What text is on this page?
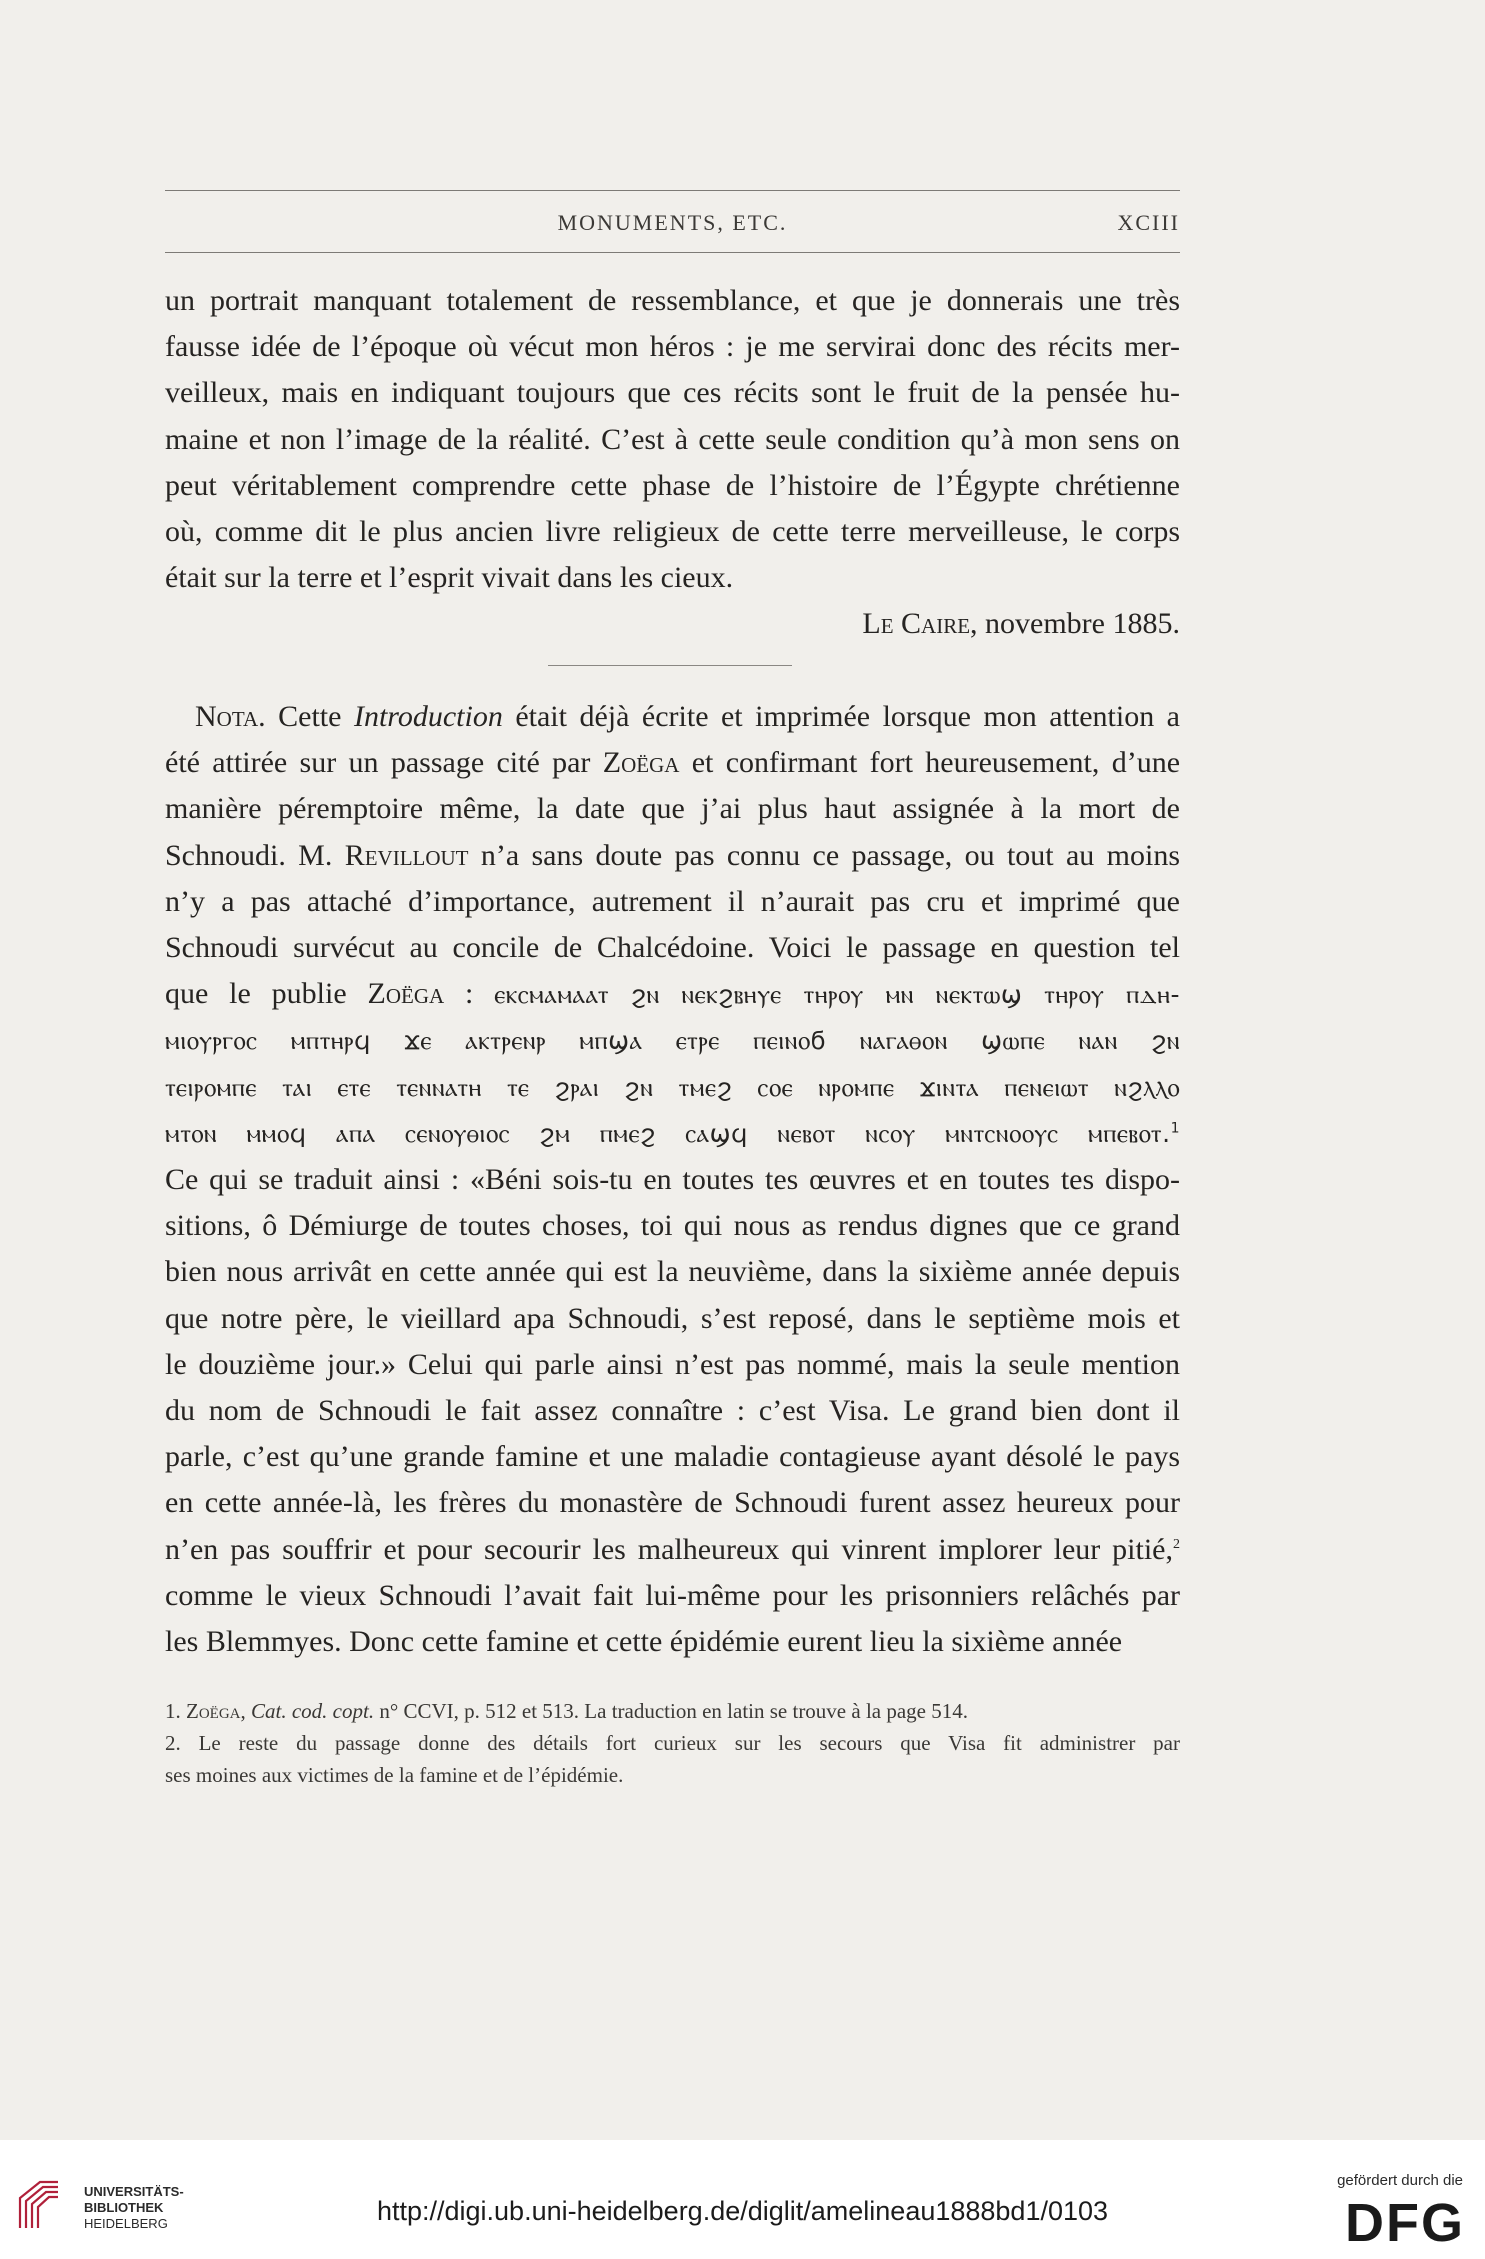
MONUMENTS, ETC.	XCIII
un portrait manquant totalement de ressemblance, et que je donnerais une très
fausse idée de l’époque où vécut mon héros : je me servirai donc des récits mer-
veilleux, mais en indiquant toujours que ces récits sont le fruit de la pensée hu-
maine et non l’image de la réalité. C’est à cette seule condition qu’à mon sens on
peut véritablement comprendre cette phase de l’histoire de l’Égypte chrétienne
où, comme dit le plus ancien livre religieux de cette terre merveilleuse, le corps
était sur la terre et l’esprit vivait dans les cieux.
Le Caire, novembre 1885.
Nota. Cette Introduction était déjà écrite et imprimée lorsque mon attention a
été attirée sur un passage cité par Zoëga et confirmant fort heureusement, d’une
manière péremptoire même, la date que j’ai plus haut assignée à la mort de
Schnoudi. M. Revillout n’a sans doute pas connu ce passage, ou tout au moins
n’y a pas attaché d’importance, autrement il n’aurait pas cru et imprimé que
Schnoudi survécut au concile de Chalcédoine. Voici le passage en question tel
que le publie Zoëga : ⲉⲕⲥⲙⲁⲙⲁⲁⲧ ϩⲛ ⲛⲉⲕϩⲃⲏⲩⲉ ⲧⲏⲣⲟⲩ ⲙⲛ ⲛⲉⲕⲧⲱϣ ⲧⲏⲣⲟⲩ ⲡⲇⲏ-
ⲙⲓⲟⲩⲣⲅⲟⲥ ⲙⲡⲧⲏⲣϥ ϫⲉ ⲁⲕⲧⲣⲉⲛⲣ ⲙⲡϣⲁ ⲉⲧⲣⲉ ⲡⲉⲓⲛⲟϭ ⲛⲁⲅⲁⲑⲟⲛ ϣⲱⲡⲉ ⲛⲁⲛ ϩⲛ
ⲧⲉⲓⲣⲟⲙⲡⲉ ⲧⲁⲓ ⲉⲧⲉ ⲧⲉⲛⲛⲁⲧⲏ ⲧⲉ ϩⲣⲁⲓ ϩⲛ ⲧⲙⲉϩ ⲥⲟⲉ ⲛⲣⲟⲙⲡⲉ ϫⲓⲛⲧⲁ ⲡⲉⲛⲉⲓⲱⲧ ⲛϩⲗⲗⲟ
ⲙⲧⲟⲛ ⲙⲙⲟϥ ⲁⲡⲁ ⲥⲉⲛⲟⲩⲑⲓⲟⲥ ϩⲙ ⲡⲙⲉϩ ⲥⲁϣϥ ⲛⲉⲃⲟⲧ ⲛⲥⲟⲩ ⲙⲛⲧⲥⲛⲟⲟⲩⲥ ⲙⲡⲉⲃⲟⲧ.$^1$
Ce qui se traduit ainsi : «Béni sois-tu en toutes tes œuvres et en toutes tes dispo-
sitions, ô Démiurge de toutes choses, toi qui nous as rendus dignes que ce grand
bien nous arrivât en cette année qui est la neuvième, dans la sixième année depuis
que notre père, le vieillard apa Schnoudi, s’est reposé, dans le septième mois et
le douzième jour.» Celui qui parle ainsi n’est pas nommé, mais la seule mention
du nom de Schnoudi le fait assez connaître : c’est Visa. Le grand bien dont il
parle, c’est qu’une grande famine et une maladie contagieuse ayant désolé le pays
en cette année-là, les frères du monastère de Schnoudi furent assez heureux pour
n’en pas souffrir et pour secourir les malheureux qui vinrent implorer leur pitié,$^2$
comme le vieux Schnoudi l’avait fait lui-même pour les prisonniers relâchés par
les Blemmyes. Donc cette famine et cette épidémie eurent lieu la sixième année
1. Zoëga, Cat. cod. copt. n° CCVI, p. 512 et 513. La traduction en latin se trouve à la page 514.
2. Le reste du passage donne des détails fort curieux sur les secours que Visa fit administrer par
ses moines aux victimes de la famine et de l’épidémie.
UNIVERSITÄTS-
BIBLIOTHEK
HEIDELBERG	http://digi.ub.uni-heidelberg.de/diglit/amelineau1888bd1/0103
gefördert durch die
DFG
